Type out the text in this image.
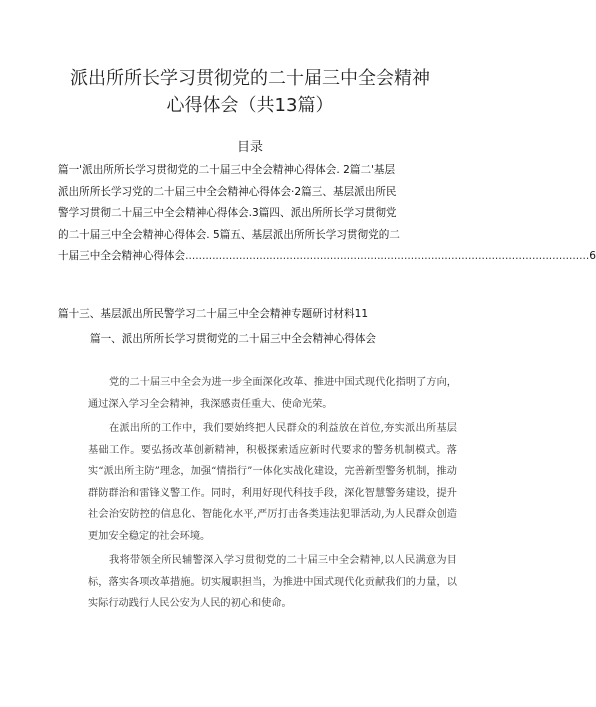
派出所所长学习贯彻党的二十届三中全会精神
心得体会（共13篇）
目录
篇一'派出所所长学习贯彻党的二十届三中全会精神心得体会. 2篇二'基层
派出所所长学习党的二十届三中全会精神心得体会·2篇三、基层派出所民
警学习贯彻二十届三中全会精神心得体会.3篇四、派出所所长学习贯彻党
的二十届三中全会精神心得体会. 5篇五、基层派出所所长学习贯彻党的二
十届三中全会精神心得体会 ........................................................................................................................ 6
篇十三、基层派出所民警学习二十届三中全会精神专题研讨材料11
篇一、派出所所长学习贯彻党的二十届三中全会精神心得体会

党的二十届三中全会为进一步全面深化改革、推进中国式现代化指明了方向，通过深入学习全会精神，我深感责任重大、使命光荣。

在派出所的工作中，我们要始终把人民群众的利益放在首位,夯实派出所基层基础工作。要弘扬改革创新精神，积极探索适应新时代要求的警务机制模式。落实“派出所主防”理念，加强“情指行”一体化实战化建设，完善新型警务机制，推动群防群治和雷锋义警工作。同时，利用好现代科技手段，深化智慧警务建设，提升社会治安防控的信息化、智能化水平,严厉打击各类违法犯罪活动,为人民群众创造更加安全稳定的社会环境。

我将带领全所民辅警深入学习贯彻党的二十届三中全会精神,以人民满意为目标，落实各项改革措施。切实履职担当，为推进中国式现代化贡献我们的力量，以实际行动践行人民公安为人民的初心和使命。
